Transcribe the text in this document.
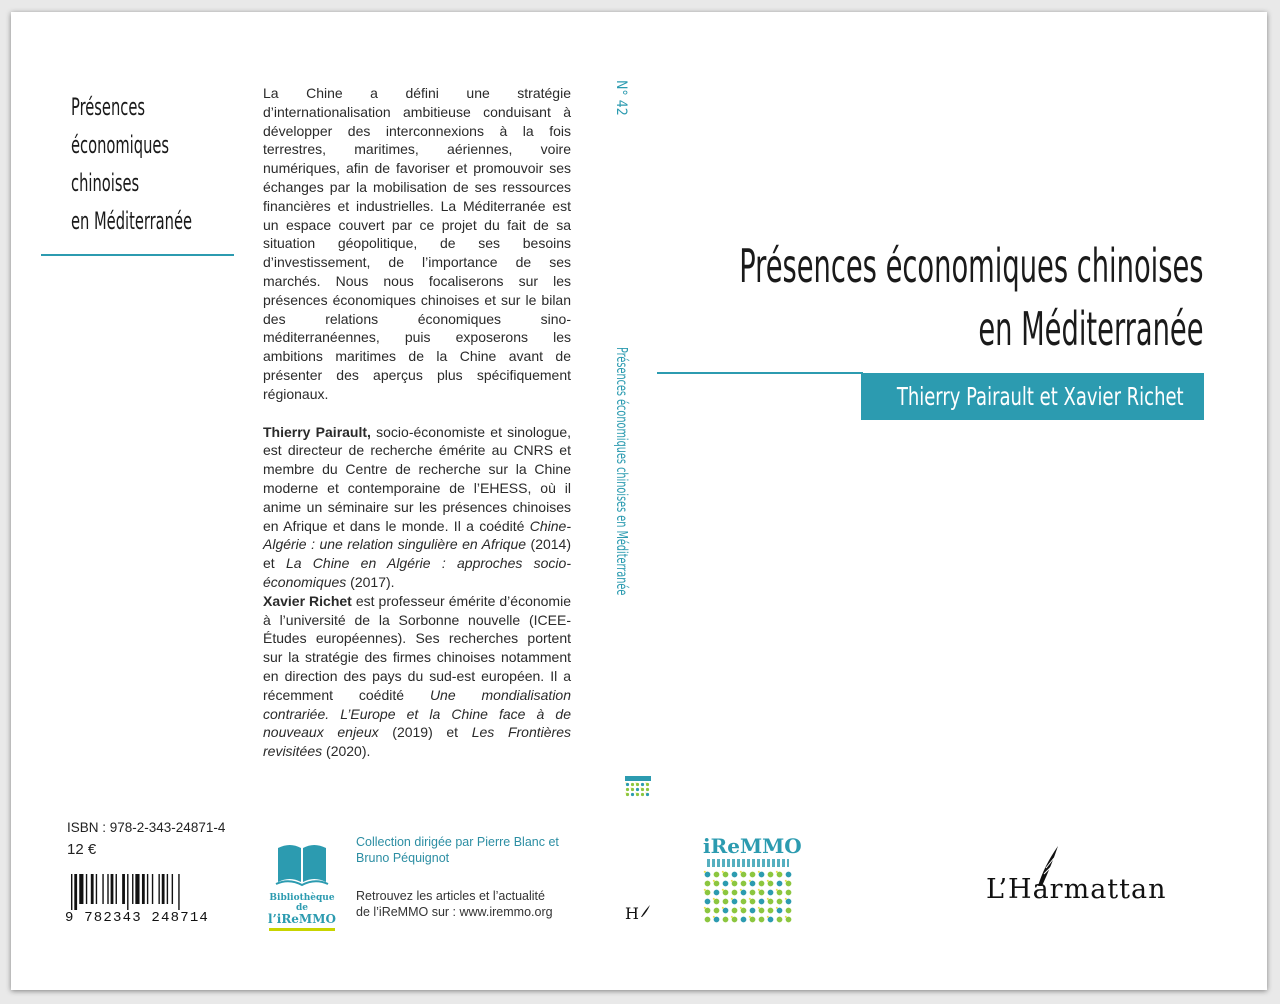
Présences
économiques
chinoises
en Méditerranée

La Chine a défini une stratégie d’internationalisation ambitieuse conduisant à développer des interconnexions à la fois terrestres, maritimes, aériennes, voire numériques, afin de favoriser et promouvoir ses échanges par la mobilisation de ses ressources financières et industrielles. La Méditerranée est un espace couvert par ce projet du fait de sa situation géopolitique, de ses besoins d’investissement, de l’importance de ses marchés. Nous nous focaliserons sur les présences économiques chinoises et sur le bilan des relations économiques sino-méditerranéennes, puis exposerons les ambitions maritimes de la Chine avant de présenter des aperçus plus spécifiquement régionaux.

Thierry Pairault, socio-économiste et sinologue, est directeur de recherche émérite au CNRS et membre du Centre de recherche sur la Chine moderne et contemporaine de l’EHESS, où il anime un séminaire sur les présences chinoises en Afrique et dans le monde. Il a coédité Chine-Algérie : une relation singulière en Afrique (2014) et La Chine en Algérie : approches socio-économiques (2017).

Xavier Richet est professeur émérite d’économie à l’université de la Sorbonne nouvelle (ICEE-Études européennes). Ses recherches portent sur la stratégie des firmes chinoises notamment en direction des pays du sud-est européen. Il a récemment coédité Une mondialisation contrariée. L’Europe et la Chine face à de nouveaux enjeux (2019) et Les Frontières revisitées (2020).

ISBN : 978-2-343-24871-4
12 €
9 782343 248714
Bibliothèque de
l’iReMMO
Collection dirigée par Pierre Blanc et
Bruno Péquignot
Retrouvez les articles et l’actualité
de l’iReMMO sur : www.iremmo.org
N° 42
Présences économiques chinoises en Méditerranée
H
Présences économiques chinoises
en Méditerranée
Thierry Pairault et Xavier Richet
iReMMO
L’Harmattan
